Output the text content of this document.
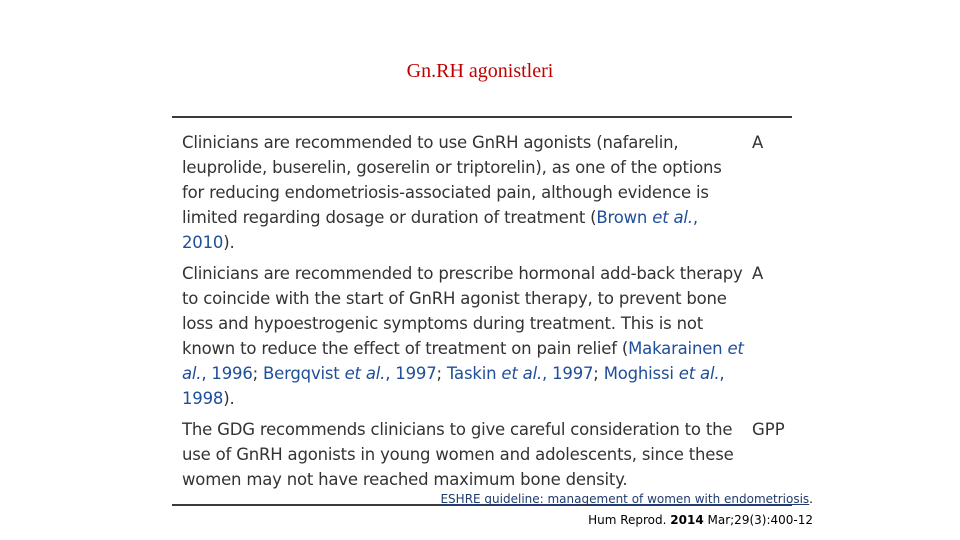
Gn.RH agonistleri
Clinicians are recommended to use GnRH agonists (nafarelin, leuprolide, buserelin, goserelin or triptorelin), as one of the options for reducing endometriosis-associated pain, although evidence is limited regarding dosage or duration of treatment (Brown et al., 2010).
A
Clinicians are recommended to prescribe hormonal add-back therapy to coincide with the start of GnRH agonist therapy, to prevent bone loss and hypoestrogenic symptoms during treatment. This is not known to reduce the effect of treatment on pain relief (Makarainen et al., 1996; Bergqvist et al., 1997; Taskin et al., 1997; Moghissi et al., 1998).
A
The GDG recommends clinicians to give careful consideration to the use of GnRH agonists in young women and adolescents, since these women may not have reached maximum bone density.
GPP
ESHRE guideline: management of women with endometriosis.
Hum Reprod. 2014 Mar;29(3):400-12
